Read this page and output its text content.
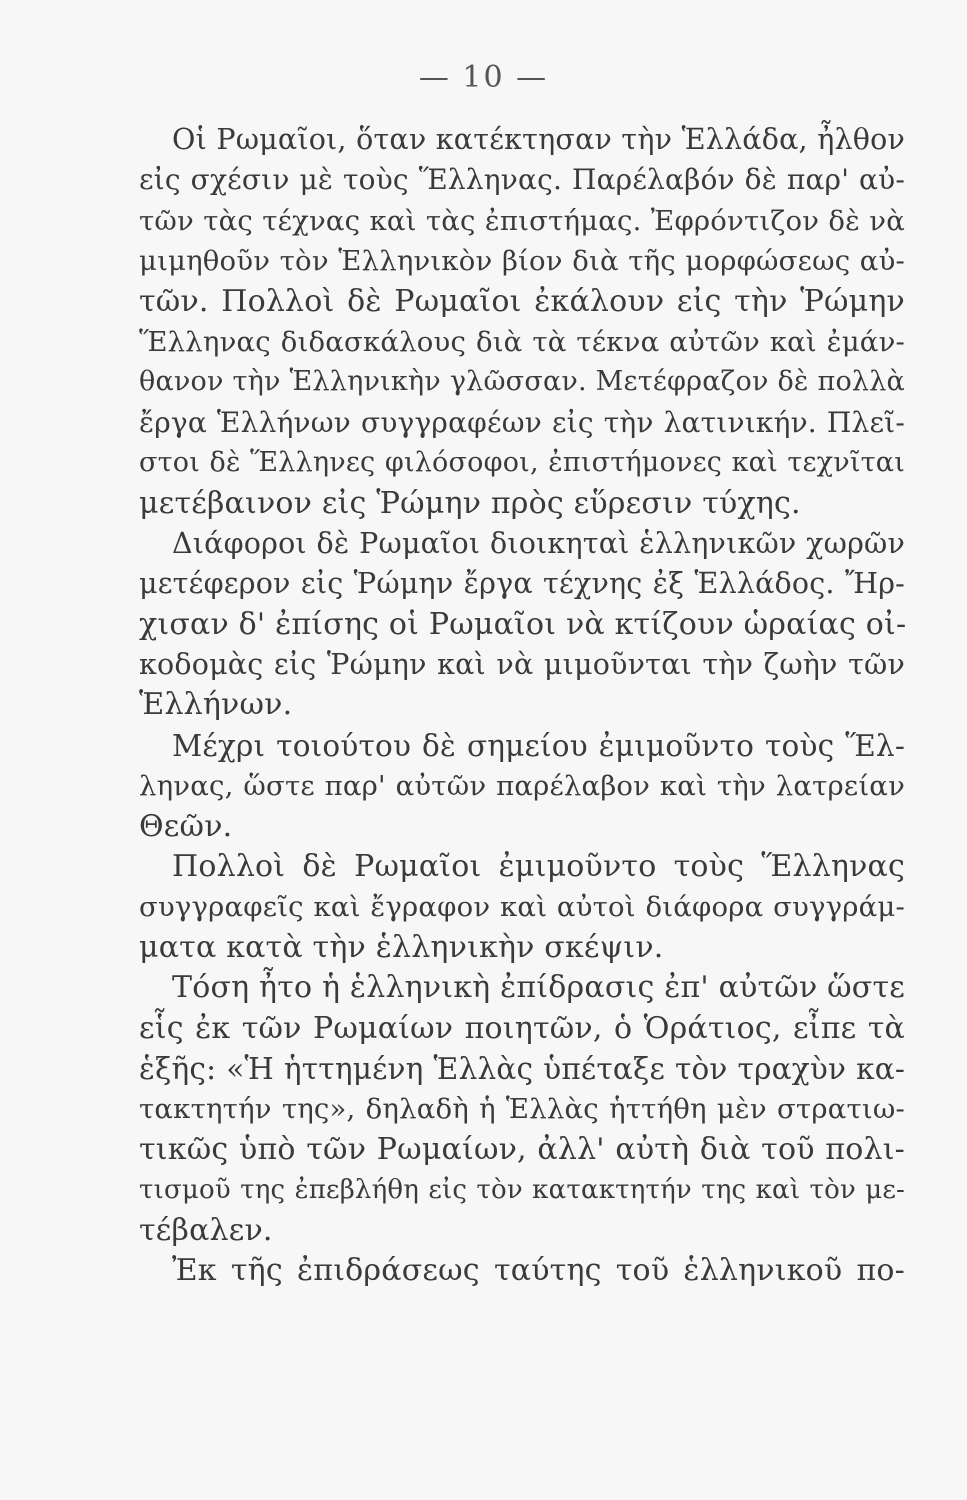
— 10 —
Οἱ Ρωμαῖοι, ὅταν κατέκτησαν τὴν Ἑλλάδα, ἦλθον
εἰς σχέσιν μὲ τοὺς Ἕλληνας. Παρέλαβόν δὲ παρ' αὐ-
τῶν τὰς τέχνας καὶ τὰς ἐπιστήμας. Ἐφρόντιζον δὲ νὰ
μιμηθοῦν τὸν Ἑλληνικὸν βίον διὰ τῆς μορφώσεως αὐ-
τῶν. Πολλοὶ δὲ Ρωμαῖοι ἐκάλουν εἰς τὴν Ῥώμην
Ἕλληνας διδασκάλους διὰ τὰ τέκνα αὐτῶν καὶ ἐμάν-
θανον τὴν Ἑλληνικὴν γλῶσσαν. Μετέφραζον δὲ πολλὰ
ἔργα Ἑλλήνων συγγραφέων εἰς τὴν λατινικήν. Πλεῖ-
στοι δὲ Ἕλληνες φιλόσοφοι, ἐπιστήμονες καὶ τεχνῖται
μετέβαινον εἰς Ῥώμην πρὸς εὕρεσιν τύχης.
Διάφοροι δὲ Ρωμαῖοι διοικηταὶ ἑλληνικῶν χωρῶν
μετέφερον εἰς Ῥώμην ἔργα τέχνης ἐξ Ἑλλάδος. Ἤρ-
χισαν δ' ἐπίσης οἱ Ρωμαῖοι νὰ κτίζουν ὡραίας οἰ-
κοδομὰς εἰς Ῥώμην καὶ νὰ μιμοῦνται τὴν ζωὴν τῶν
Ἑλλήνων.
Μέχρι τοιούτου δὲ σημείου ἐμιμοῦντο τοὺς Ἕλ-
ληνας, ὥστε παρ' αὐτῶν παρέλαβον καὶ τὴν λατρείαν
Θεῶν.
Πολλοὶ δὲ Ρωμαῖοι ἐμιμοῦντο τοὺς Ἕλληνας
συγγραφεῖς καὶ ἔγραφον καὶ αὐτοὶ διάφορα συγγράμ-
ματα κατὰ τὴν ἑλληνικὴν σκέψιν.
Τόση ἦτο ἡ ἑλληνικὴ ἐπίδρασις ἐπ' αὐτῶν ὥστε
εἷς ἐκ τῶν Ρωμαίων ποιητῶν, ὁ Ὁράτιος, εἶπε τὰ
ἑξῆς: «Ἡ ἡττημένη Ἑλλὰς ὑπέταξε τὸν τραχὺν κα-
τακτητήν της», δηλαδὴ ἡ Ἑλλὰς ἡττήθη μὲν στρατιω-
τικῶς ὑπὸ τῶν Ρωμαίων, ἀλλ' αὐτὴ διὰ τοῦ πολι-
τισμοῦ της ἐπεβλήθη εἰς τὸν κατακτητήν της καὶ τὸν με-
τέβαλεν.
Ἐκ τῆς ἐπιδράσεως ταύτης τοῦ ἑλληνικοῦ πο-
